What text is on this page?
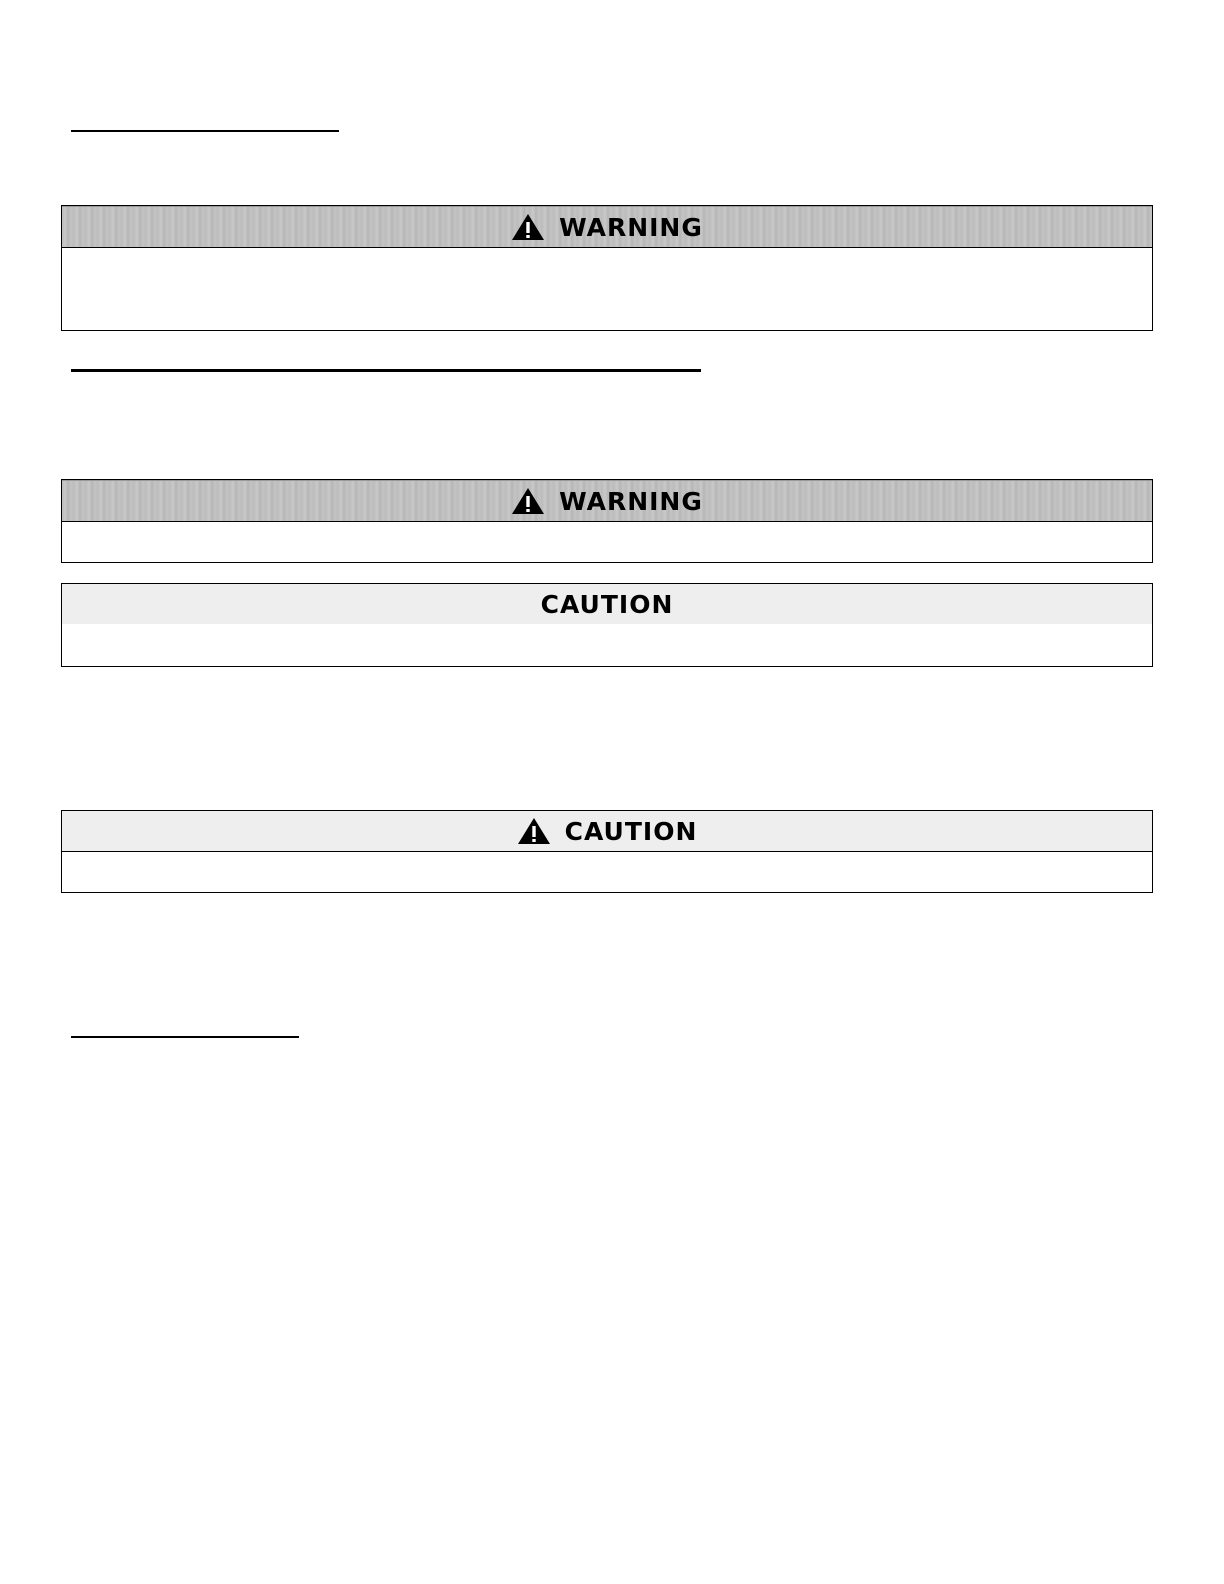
WARNING
WARNING
CAUTION
CAUTION
